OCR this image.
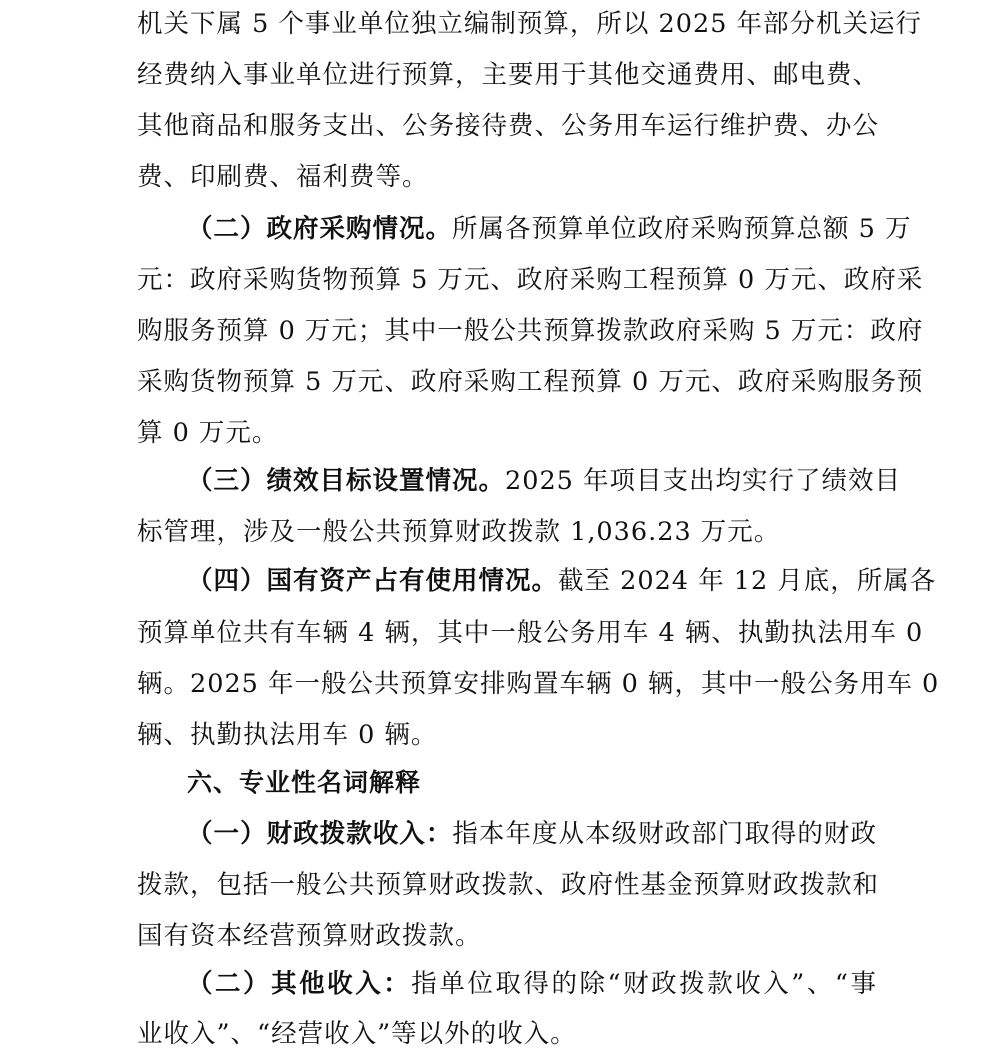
机关下属 5 个事业单位独立编制预算，所以 2025 年部分机关运行
经费纳入事业单位进行预算，主要用于其他交通费用、邮电费、
其他商品和服务支出、公务接待费、公务用车运行维护费、办公
费、印刷费、福利费等。
（二）政府采购情况。所属各预算单位政府采购预算总额 5 万
元：政府采购货物预算 5 万元、政府采购工程预算 0 万元、政府采
购服务预算 0 万元；其中一般公共预算拨款政府采购 5 万元：政府
采购货物预算 5 万元、政府采购工程预算 0 万元、政府采购服务预
算 0 万元。
（三）绩效目标设置情况。2025 年项目支出均实行了绩效目
标管理，涉及一般公共预算财政拨款 1,036.23 万元。
（四）国有资产占有使用情况。截至 2024 年 12 月底，所属各
预算单位共有车辆 4 辆，其中一般公务用车 4 辆、执勤执法用车 0
辆。2025 年一般公共预算安排购置车辆 0 辆，其中一般公务用车 0
辆、执勤执法用车 0 辆。
六、专业性名词解释
（一）财政拨款收入：指本年度从本级财政部门取得的财政
拨款，包括一般公共预算财政拨款、政府性基金预算财政拨款和
国有资本经营预算财政拨款。
（二）其他收入：指单位取得的除“财政拨款收入”、“事
业收入”、“经营收入”等以外的收入。
